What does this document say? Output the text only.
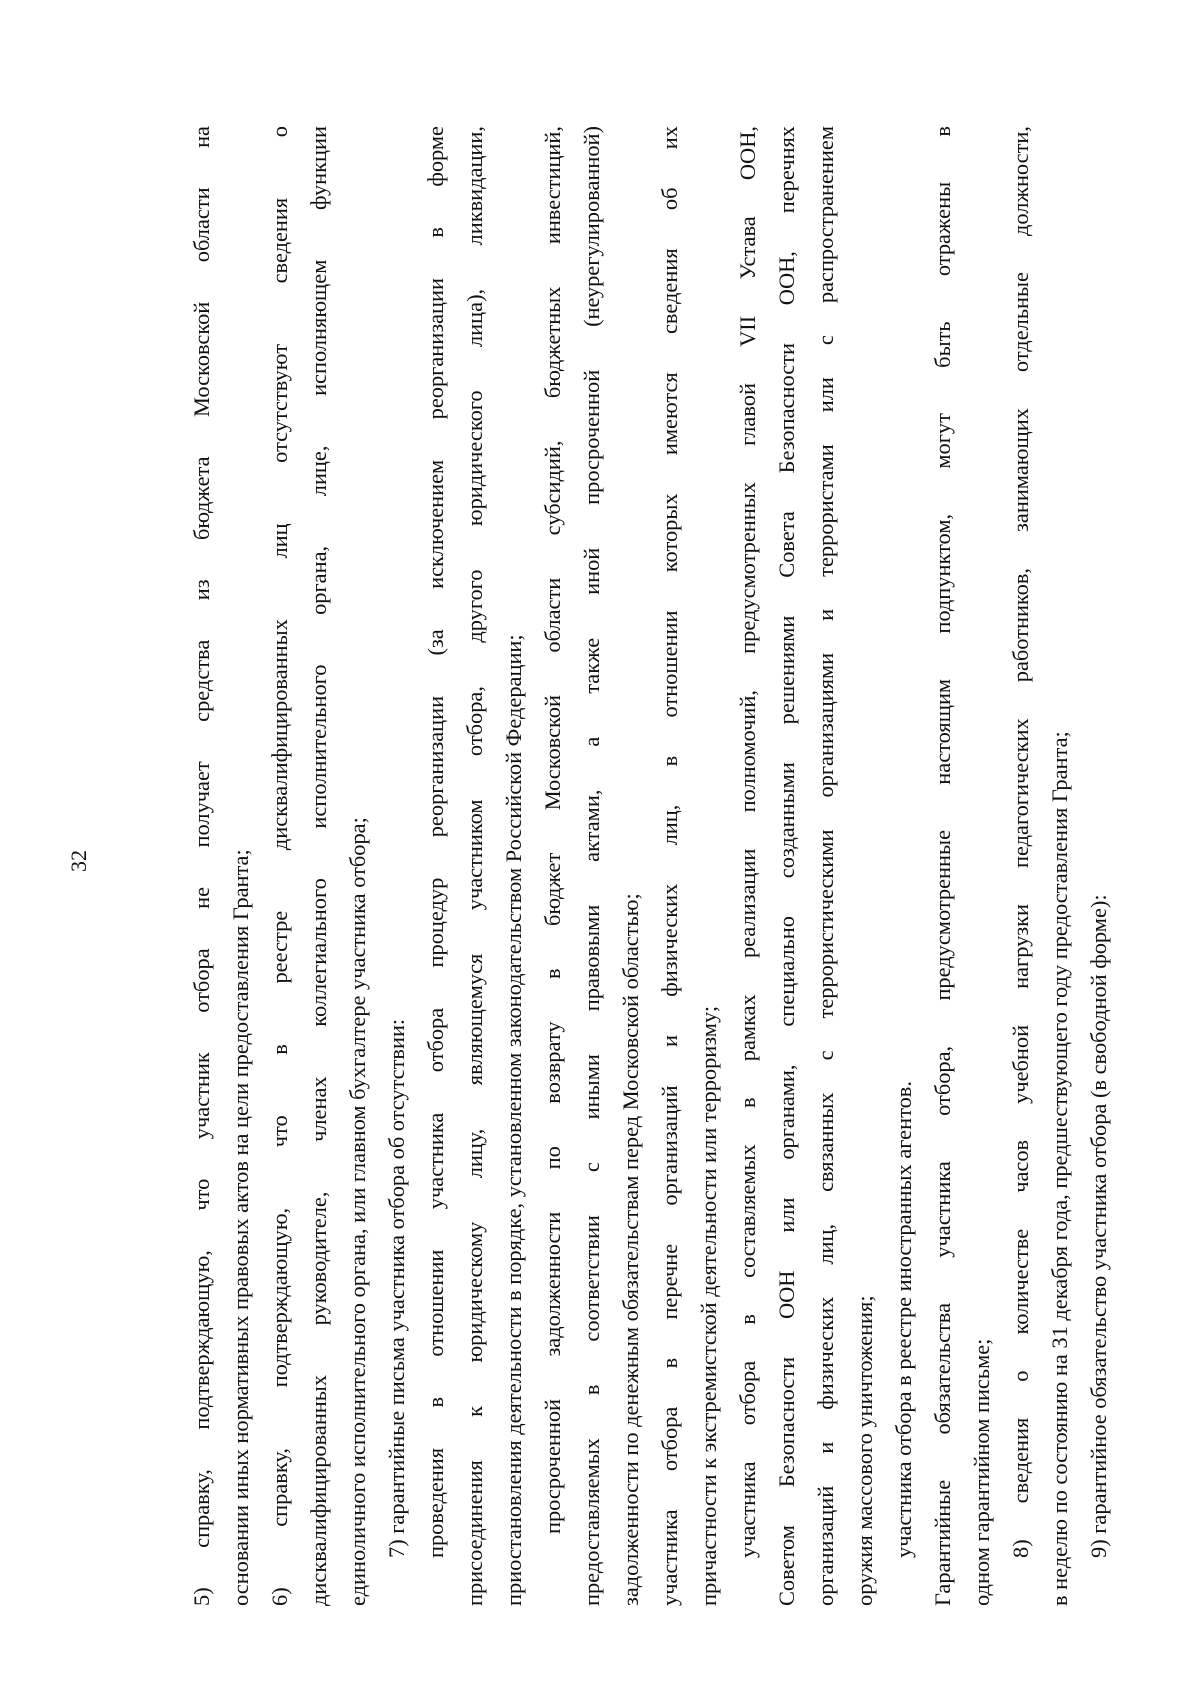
32	5) справку, подтверждающую, что участник отбора не получает средства из бюджета Московской области на основании иных нормативных правовых актов на цели предоставления Гранта; 6) справку, подтверждающую, что в реестре дисквалифицированных лиц отсутствуют сведения о дисквалифицированных руководителе, членах коллегиального исполнительного органа, лице, исполняющем функции единоличного исполнительного органа, или главном бухгалтере участника отбора; 7) гарантийные письма участника отбора об отсутствии: проведения в отношении участника отбора процедур реорганизации (за исключением реорганизации в форме присоединения к юридическому лицу, являющемуся участником отбора, другого юридического лица), ликвидации, приостановления деятельности в порядке, установленном законодательством Российской Федерации; просроченной задолженности по возврату в бюджет Московской области субсидий, бюджетных инвестиций, предоставляемых в соответствии с иными правовыми актами, а также иной просроченной (неурегулированной) задолженности по денежным обязательствам перед Московской областью; участника отбора в перечне организаций и физических лиц, в отношении которых имеются сведения об их причастности к экстремистской деятельности или терроризму; участника отбора в составляемых в рамках реализации полномочий, предусмотренных главой VII Устава ООН, Советом Безопасности ООН или органами, специально созданными решениями Совета Безопасности ООН, перечнях организаций и физических лиц, связанных с террористическими организациями и террористами или с распространением оружия массового уничтожения; участника отбора в реестре иностранных агентов. Гарантийные обязательства участника отбора, предусмотренные настоящим подпунктом, могут быть отражены в одном гарантийном письме; 8) сведения о количестве часов учебной нагрузки педагогических работников, занимающих отдельные должности, в неделю по состоянию на 31 декабря года, предшествующего году предоставления Гранта; 9) гарантийное обязательство участника отбора (в свободной форме):
